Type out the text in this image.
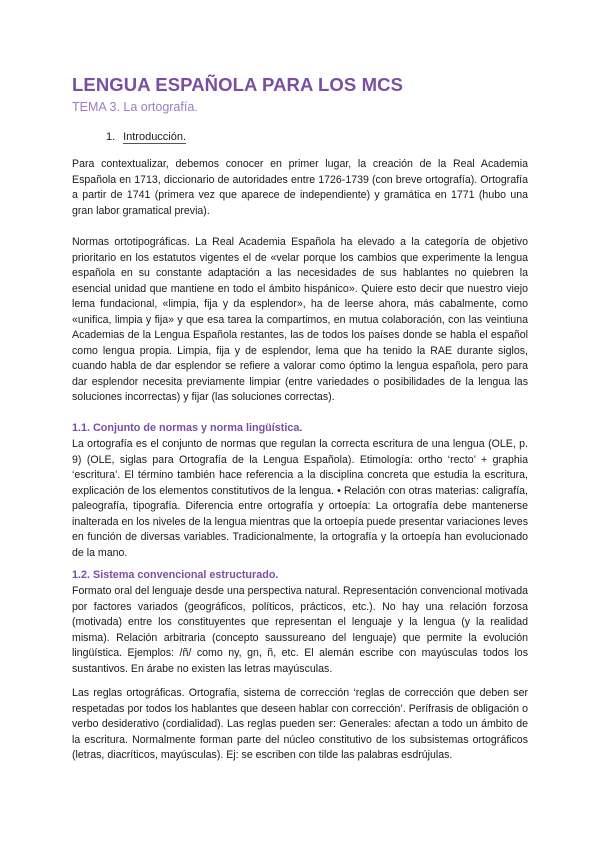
LENGUA ESPAÑOLA PARA LOS MCS
TEMA 3. La ortografía.
1. Introducción.

Para contextualizar, debemos conocer en primer lugar, la creación de la Real Academia Española en 1713, diccionario de autoridades entre 1726-1739 (con breve ortografía). Ortografía a partir de 1741 (primera vez que aparece de independiente) y gramática en 1771 (hubo una gran labor gramatical previa).

Normas ortotipográficas. La Real Academia Española ha elevado a la categoría de objetivo prioritario en los estatutos vigentes el de «velar porque los cambios que experimente la lengua española en su constante adaptación a las necesidades de sus hablantes no quiebren la esencial unidad que mantiene en todo el ámbito hispánico». Quiere esto decir que nuestro viejo lema fundacional, «limpia, fija y da esplendor», ha de leerse ahora, más cabalmente, como «unifica, limpia y fija» y que esa tarea la compartimos, en mutua colaboración, con las veintiuna Academias de la Lengua Española restantes, las de todos los países donde se habla el español como lengua propia. Limpia, fija y de esplendor, lema que ha tenido la RAE durante siglos, cuando habla de dar esplendor se refiere a valorar como óptimo la lengua española, pero para dar esplendor necesita previamente limpiar (entre variedades o posibilidades de la lengua las soluciones incorrectas) y fijar (las soluciones correctas).

1.1. Conjunto de normas y norma lingüística.

La ortografía es el conjunto de normas que regulan la correcta escritura de una lengua (OLE, p. 9) (OLE, siglas para Ortografía de la Lengua Española). Etimología: ortho ‘recto’ + graphia ‘escritura’. El término también hace referencia a la disciplina concreta que estudia la escritura, explicación de los elementos constitutivos de la lengua. • Relación con otras materias: caligrafía, paleografía, tipografía. Diferencia entre ortografía y ortoepía: La ortografía debe mantenerse inalterada en los niveles de la lengua mientras que la ortoepía puede presentar variaciones leves en función de diversas variables. Tradicionalmente, la ortografía y la ortoepía han evolucionado de la mano.

1.2. Sistema convencional estructurado.

Formato oral del lenguaje desde una perspectiva natural. Representación convencional motivada por factores variados (geográficos, políticos, prácticos, etc.). No hay una relación forzosa (motivada) entre los constituyentes que representan el lenguaje y la lengua (y la realidad misma). Relación arbitraria (concepto saussureano del lenguaje) que permite la evolución lingüística. Ejemplos: /ñ/ como ny, gn, ñ, etc. El alemán escribe con mayúsculas todos los sustantivos. En árabe no existen las letras mayúsculas.

Las reglas ortográficas. Ortografía, sistema de corrección ‘reglas de corrección que deben ser respetadas por todos los hablantes que deseen hablar con corrección’. Perífrasis de obligación o verbo desiderativo (cordialidad). Las reglas pueden ser: Generales: afectan a todo un ámbito de la escritura. Normalmente forman parte del núcleo constitutivo de los subsistemas ortográficos (letras, diacríticos, mayúsculas). Ej: se escriben con tilde las palabras esdrújulas.
